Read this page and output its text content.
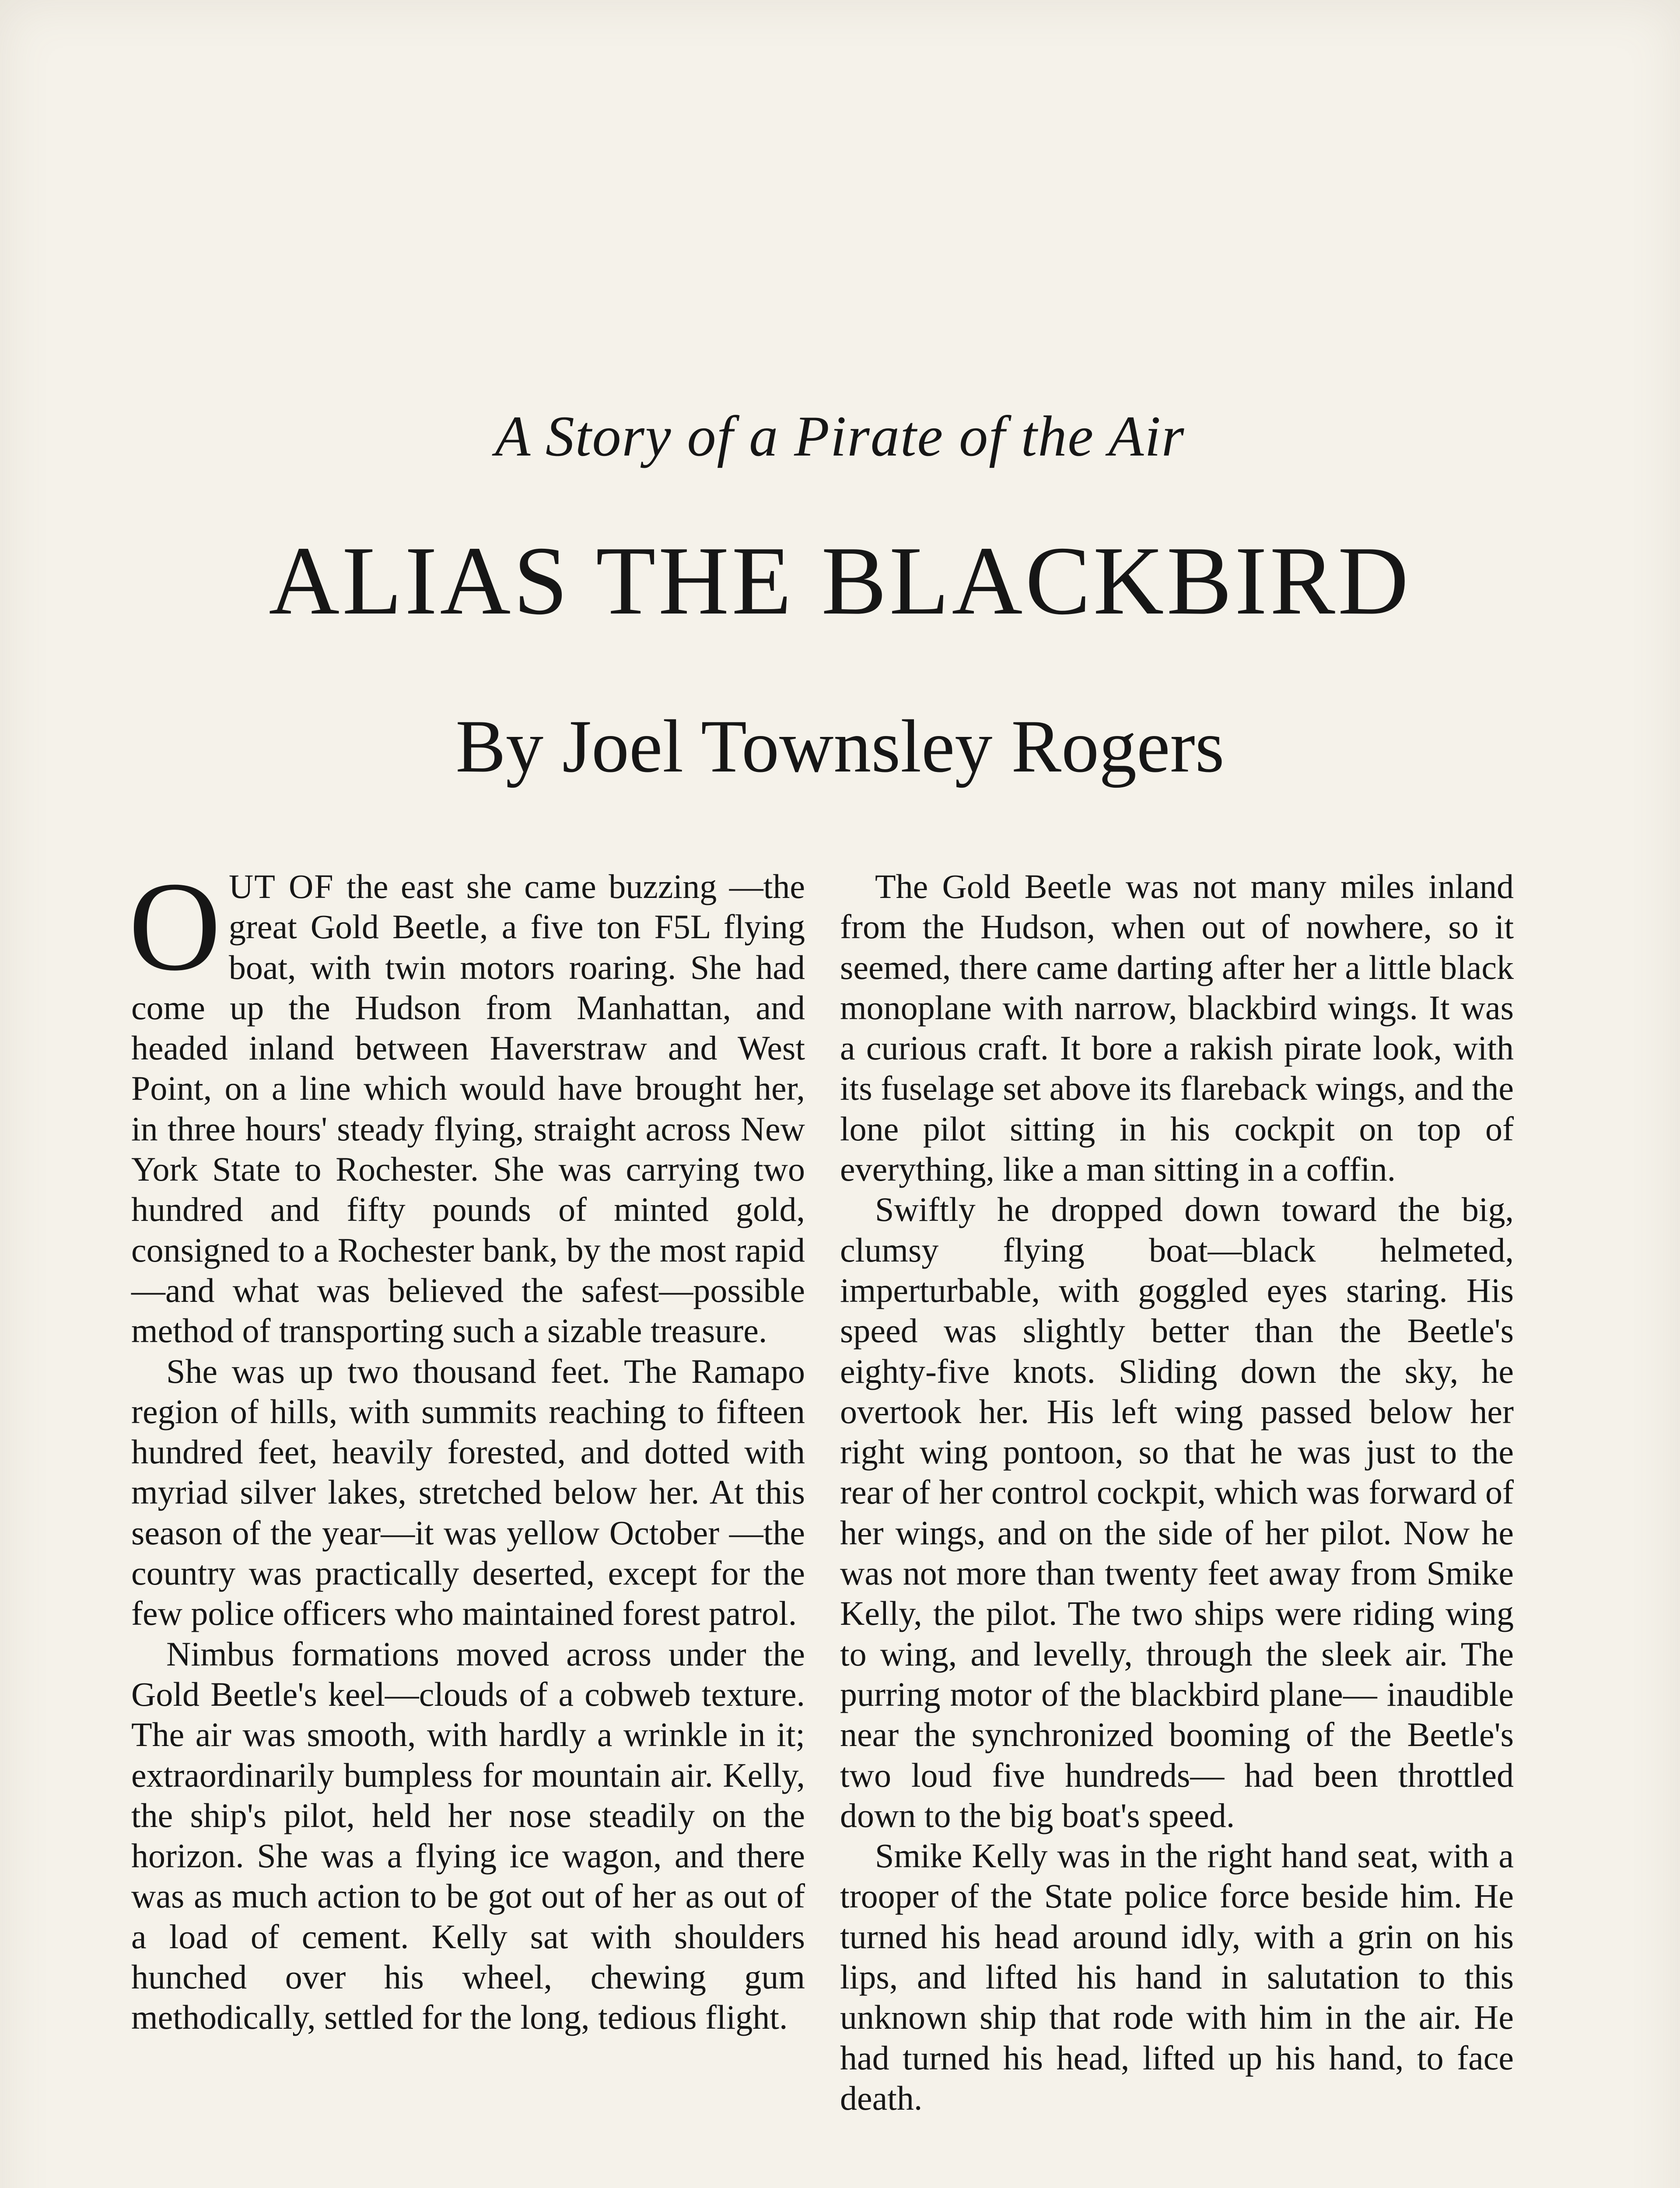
A Story of a Pirate of the Air
ALIAS THE BLACKBIRD
By Joel Townsley Rogers

OUT OF the east she came buzzing —the great Gold Beetle, a five ton F5L flying boat, with twin motors roaring. She had come up the Hudson from Manhattan, and headed inland between Haverstraw and West Point, on a line which would have brought her, in three hours' steady flying, straight across New York State to Rochester. She was carrying two hundred and fifty pounds of minted gold, consigned to a Rochester bank, by the most rapid—and what was believed the safest—possible method of transporting such a sizable treasure.

She was up two thousand feet. The Ramapo region of hills, with summits reaching to fifteen hundred feet, heavily forested, and dotted with myriad silver lakes, stretched below her. At this season of the year—it was yellow October —the country was practically deserted, except for the few police officers who maintained forest patrol.

Nimbus formations moved across under the Gold Beetle's keel—clouds of a cobweb texture. The air was smooth, with hardly a wrinkle in it; extraordinarily bumpless for mountain air. Kelly, the ship's pilot, held her nose steadily on the horizon. She was a flying ice wagon, and there was as much action to be got out of her as out of a load of cement. Kelly sat with shoulders hunched over his wheel, chewing gum methodically, settled for the long, tedious flight.

The Gold Beetle was not many miles inland from the Hudson, when out of nowhere, so it seemed, there came darting after her a little black monoplane with narrow, blackbird wings. It was a curious craft. It bore a rakish pirate look, with its fuselage set above its flareback wings, and the lone pilot sitting in his cockpit on top of everything, like a man sitting in a coffin.

Swiftly he dropped down toward the big, clumsy flying boat—black helmeted, imperturbable, with goggled eyes staring. His speed was slightly better than the Beetle's eighty-five knots. Sliding down the sky, he overtook her. His left wing passed below her right wing pontoon, so that he was just to the rear of her control cockpit, which was forward of her wings, and on the side of her pilot. Now he was not more than twenty feet away from Smike Kelly, the pilot. The two ships were riding wing to wing, and levelly, through the sleek air. The purring motor of the blackbird plane— inaudible near the synchronized booming of the Beetle's two loud five hundreds— had been throttled down to the big boat's speed.

Smike Kelly was in the right hand seat, with a trooper of the State police force beside him. He turned his head around idly, with a grin on his lips, and lifted his hand in salutation to this unknown ship that rode with him in the air. He had turned his head, lifted up his hand, to face death.
